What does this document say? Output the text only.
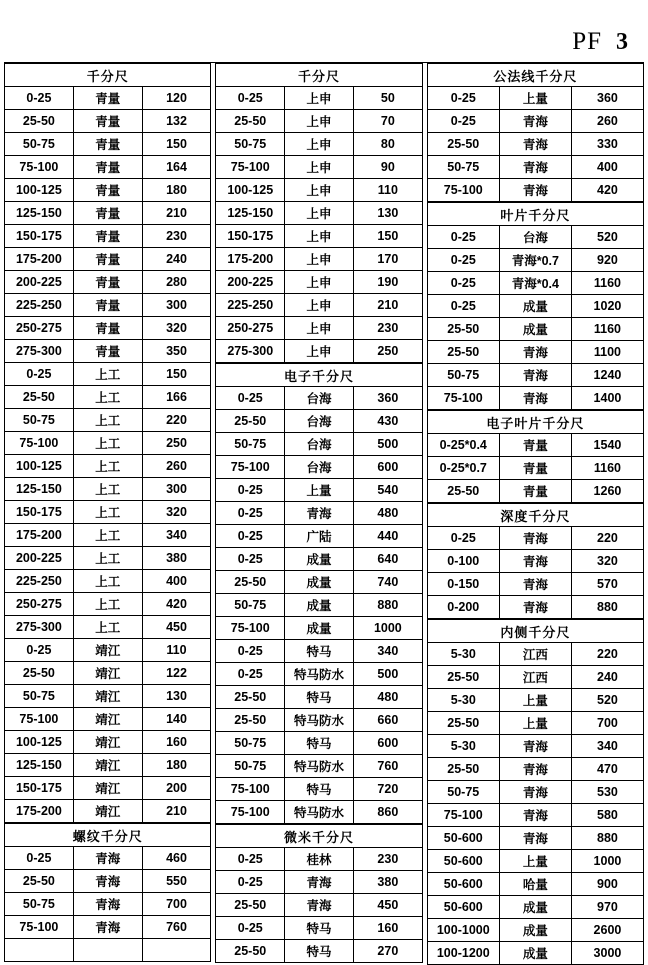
PF 3
千分尺		
0-25	青量	120
25-50	青量	132
50-75	青量	150
75-100	青量	164
100-125	青量	180
125-150	青量	210
150-175	青量	230
175-200	青量	240
200-225	青量	280
225-250	青量	300
250-275	青量	320
275-300	青量	350
0-25	上工	150
25-50	上工	166
50-75	上工	220
75-100	上工	250
100-125	上工	260
125-150	上工	300
150-175	上工	320
175-200	上工	340
200-225	上工	380
225-250	上工	400
250-275	上工	420
275-300	上工	450
0-25	靖江	110
25-50	靖江	122
50-75	靖江	130
75-100	靖江	140
100-125	靖江	160
125-150	靖江	180
150-175	靖江	200
175-200	靖江	210
螺纹千分尺		
0-25	青海	460
25-50	青海	550
50-75	青海	700
75-100	青海	760

千分尺		
0-25	上申	50
25-50	上申	70
50-75	上申	80
75-100	上申	90
100-125	上申	110
125-150	上申	130
150-175	上申	150
175-200	上申	170
200-225	上申	190
225-250	上申	210
250-275	上申	230
275-300	上申	250
电子千分尺		
0-25	台海	360
25-50	台海	430
50-75	台海	500
75-100	台海	600
0-25	上量	540
0-25	青海	480
0-25	广陆	440
0-25	成量	640
25-50	成量	740
50-75	成量	880
75-100	成量	1000
0-25	特马	340
0-25	特马防水	500
25-50	特马	480
25-50	特马防水	660
50-75	特马	600
50-75	特马防水	760
75-100	特马	720
75-100	特马防水	860
微米千分尺		
0-25	桂林	230
0-25	青海	380
25-50	青海	450
0-25	特马	160
25-50	特马	270
公法线千分尺		
0-25	上量	360
0-25	青海	260
25-50	青海	330
50-75	青海	400
75-100	青海	420
叶片千分尺		
0-25	台海	520
0-25	青海*0.7	920
0-25	青海*0.4	1160
0-25	成量	1020
25-50	成量	1160
25-50	青海	1100
50-75	青海	1240
75-100	青海	1400
电子叶片千分尺		
0-25*0.4	青量	1540
0-25*0.7	青量	1160
25-50	青量	1260
深度千分尺		
0-25	青海	220
0-100	青海	320
0-150	青海	570
0-200	青海	880
内侧千分尺		
5-30	江西	220
25-50	江西	240
5-30	上量	520
25-50	上量	700
5-30	青海	340
25-50	青海	470
50-75	青海	530
75-100	青海	580
50-600	青海	880
50-600	上量	1000
50-600	哈量	900
50-600	成量	970
100-1000	成量	2600
100-1200	成量	3000
